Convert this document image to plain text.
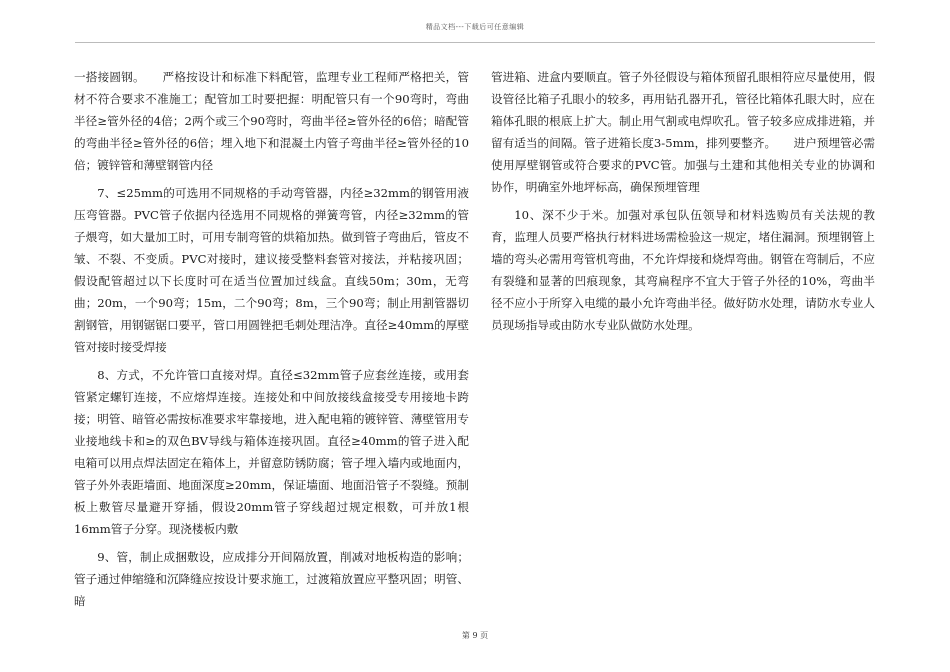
精品文档---下载后可任意编辑

一搭接圆钢。　　严格按设计和标准下料配管，监理专业工程师严格把关，管材不符合要求不准施工；配管加工时要把握：明配管只有一个90弯时，弯曲半径≥管外径的4倍；2两个或三个90弯时，弯曲半径≥管外径的6倍；暗配管的弯曲半径≥管外径的6倍；埋入地下和混凝土内管子弯曲半径≥管外径的10倍；镀锌管和薄壁钢管内径

7、≤25mm的可选用不同规格的手动弯管器，内径≥32mm的钢管用液压弯管器。PVC管子依据内径选用不同规格的弹簧弯管，内径≥32mm的管子煨弯，如大量加工时，可用专制弯管的烘箱加热。做到管子弯曲后，管皮不皱、不裂、不变质。PVC对接时，建议接受整料套管对接法，并粘接巩固；假设配管超过以下长度时可在适当位置加过线盒。直线50m；30m，无弯曲；20m，一个90弯；15m，二个90弯；8m，三个90弯；制止用割管器切割钢管，用钢锯锯口要平，管口用圆锉把毛刺处理洁净。直径≥40mm的厚壁管对接时接受焊接

8、方式，不允许管口直接对焊。直径≤32mm管子应套丝连接，或用套管紧定螺钉连接，不应熔焊连接。连接处和中间放接线盒接受专用接地卡跨接；明管、暗管必需按标准要求牢靠接地，进入配电箱的镀锌管、薄壁管用专业接地线卡和≥的双色BV导线与箱体连接巩固。直径≥40mm的管子进入配电箱可以用点焊法固定在箱体上，并留意防锈防腐；管子埋入墙内或地面内，管子外外表距墙面、地面深度≥20mm，保证墙面、地面沿管子不裂缝。预制板上敷管尽量避开穿插，假设20mm管子穿线超过规定根数，可并放1根16mm管子分穿。现浇楼板内敷

9、管，制止成捆敷设，应成排分开间隔放置，削减对地板构造的影响；管子通过伸缩缝和沉降缝应按设计要求施工，过渡箱放置应平整巩固；明管、暗

管进箱、进盒内要顺直。管子外径假设与箱体预留孔眼相符应尽量使用，假设管径比箱子孔眼小的较多，再用钻孔器开孔，管径比箱体孔眼大时，应在箱体孔眼的根底上扩大。制止用气割或电焊吹孔。管子较多应成排进箱，并留有适当的间隔。管子进箱长度3-5mm，排列要整齐。　　进户预埋管必需使用厚壁钢管或符合要求的PVC管。加强与土建和其他相关专业的协调和协作，明确室外地坪标高，确保预埋管理

10、深不少于米。加强对承包队伍领导和材料选购员有关法规的教育，监理人员要严格执行材料进场需检验这一规定，堵住漏洞。预埋钢管上墙的弯头必需用弯管机弯曲，不允许焊接和烧焊弯曲。钢管在弯制后，不应有裂缝和显著的凹痕现象，其弯扁程序不宜大于管子外径的10%，弯曲半径不应小于所穿入电缆的最小允许弯曲半径。做好防水处理，请防水专业人员现场指导或由防水专业队做防水处理。

第 9 页
